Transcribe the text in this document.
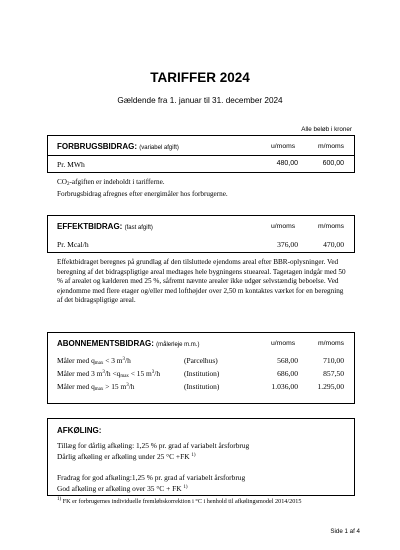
TARIFFER 2024
Gældende fra 1. januar til 31. december 2024
Alle beløb i kroner
FORBRUGSBIDRAG: (variabel afgift)	u/moms	m/moms
Pr. MWh	480,00	600,00
$CO_2$-afgiften er indeholdt i tarifferne.
Forbrugsbidrag afregnes efter energimåler hos forbrugerne.
EFFEKTBIDRAG: (fast afgift)	u/moms	m/moms
Pr. Mcal/h	376,00	470,00
Effektbidraget beregnes på grundlag af den tilsluttede ejendoms areal efter BBR-oplysninger. Ved beregning af det bidragspligtige areal medtages hele bygningens stueareal. Tagetagen indgår med 50 % af arealet og kælderen med 25 %, såfremt nævnte arealer ikke udgør selvstændig beboelse. Ved ejendomme med flere etager og/eller med lofthøjder over 2,50 m kontaktes værket for en beregning af det bidragspligtige areal.
ABONNEMENTSBIDRAG: (målerleje m.m.)	u/moms	m/moms
Måler med $q_{max} < 3$ $m^3/h$	(Parcelhus)	568,00	710,00
Måler med 3 $m^3/h <q_{max} < 15$ $m^3/h$	(Institution)	686,00	857,50
Måler med $q_{max} > 15$ $m^3/h$	(Institution)	1.036,00	1.295,00
AFKØLING:
Tillæg for dårlig afkøling: 1,25 % pr. grad af variabelt årsforbrug
Dårlig afkøling er afkøling under 25 °C +FK $^{1)}$
Fradrag for god afkøling:1,25 % pr. grad af variabelt årsforbrug
God afkøling er afkøling over 35 °C + FK $^{1)}$
$^{1)}$ FK er forbrugernes individuelle fremløbskorrektion i °C i henhold til afkølingsmodel 2014/2015
Side 1 af 4
